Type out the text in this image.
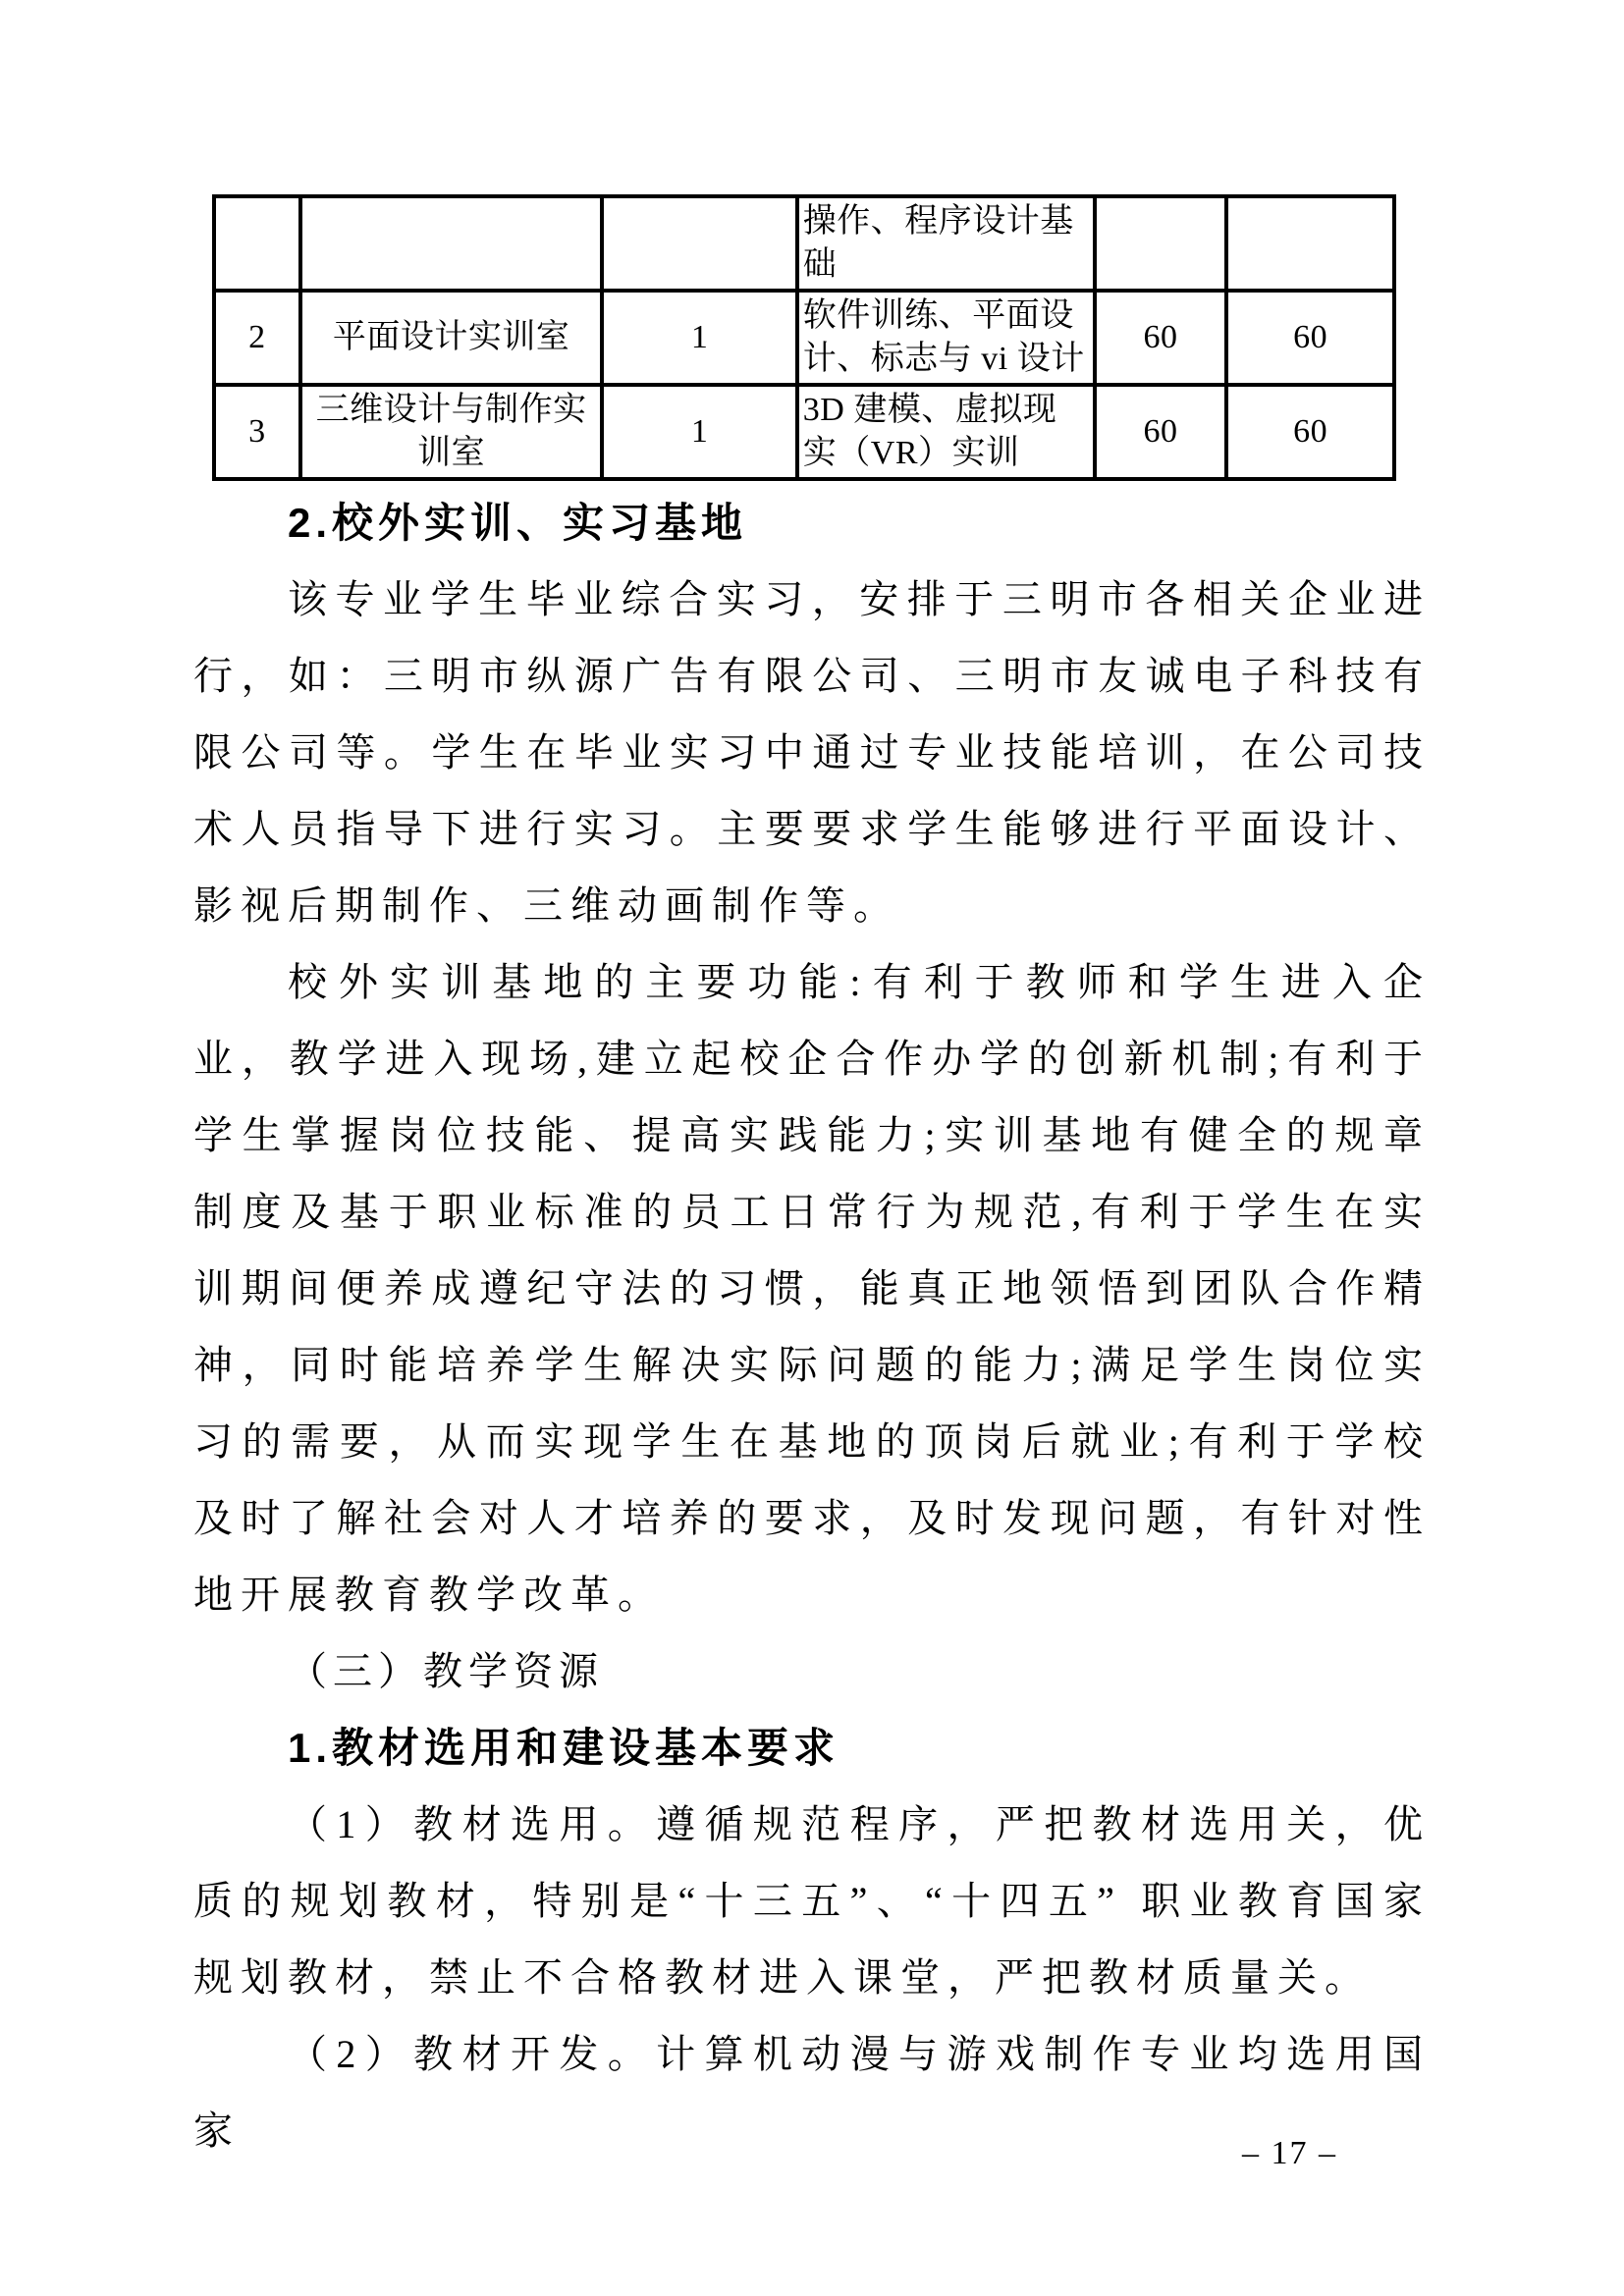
			操作、程序设计基础		
2	平面设计实训室	1	软件训练、平面设计、标志与 vi 设计	60	60
3	三维设计与制作实训室	1	3D 建模、虚拟现实（VR）实训	60	60
2.校外实训、实习基地

该专业学生毕业综合实习，安排于三明市各相关企业进行，如：三明市纵源广告有限公司、三明市友诚电子科技有限公司等。学生在毕业实习中通过专业技能培训，在公司技术人员指导下进行实习。主要要求学生能够进行平面设计、影视后期制作、三维动画制作等。

校外实训基地的主要功能:有利于教师和学生进入企业，教学进入现场,建立起校企合作办学的创新机制;有利于学生掌握岗位技能、提高实践能力;实训基地有健全的规章制度及基于职业标准的员工日常行为规范,有利于学生在实训期间便养成遵纪守法的习惯，能真正地领悟到团队合作精神，同时能培养学生解决实际问题的能力;满足学生岗位实习的需要，从而实现学生在基地的顶岗后就业;有利于学校及时了解社会对人才培养的要求，及时发现问题，有针对性地开展教育教学改革。

（三）教学资源
1.教材选用和建设基本要求

（1）教材选用。遵循规范程序，严把教材选用关，优质的规划教材，特别是“十三五”、“十四五” 职业教育国家规划教材，禁止不合格教材进入课堂，严把教材质量关。

（2）教材开发。计算机动漫与游戏制作专业均选用国家

– 17 –
